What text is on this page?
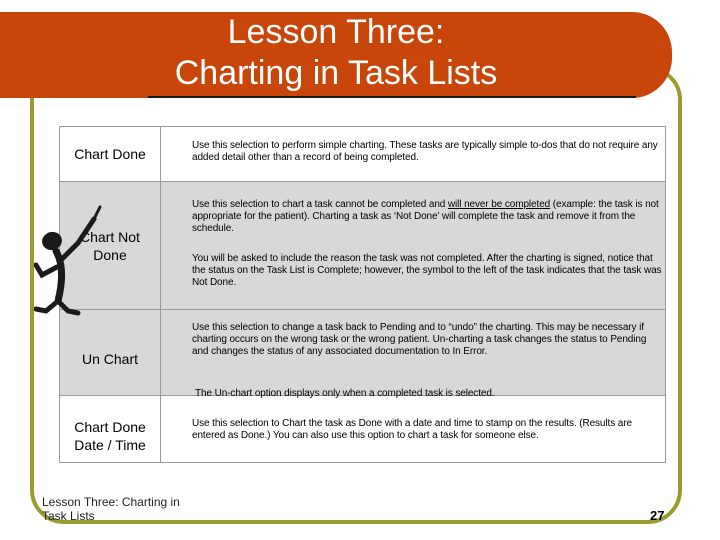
Lesson Three:
Charting in Task Lists
Chart Done
Use this selection to perform simple charting. These tasks are typically simple to-dos that do not require any added detail other than a record of being completed.
Chart Not Done
Use this selection to chart a task cannot be completed and will never be completed (example: the task is not appropriate for the patient). Charting a task as ‘Not Done’ will complete the task and remove it from the schedule.
You will be asked to include the reason the task was not completed. After the charting is signed, notice that the status on the Task List is Complete; however, the symbol to the left of the task indicates that the task was Not Done.
Un Chart
Use this selection to change a task back to Pending and to “undo” the charting. This may be necessary if charting occurs on the wrong task or the wrong patient. Un-charting a task changes the status to Pending and changes the status of any associated documentation to In Error.
The Un-chart option displays only when a completed task is selected.
Chart Done Date / Time
Use this selection to Chart the task as Done with a date and time to stamp on the results. (Results are entered as Done.) You can also use this option to chart a task for someone else.
Lesson Three: Charting in Task Lists	27
